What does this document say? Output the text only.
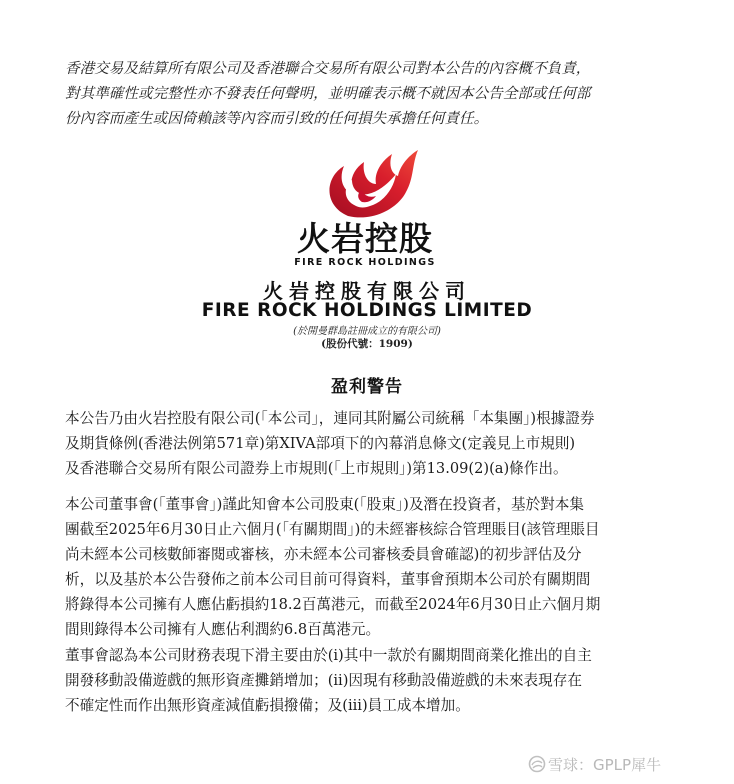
香港交易及結算所有限公司及香港聯合交易所有限公司對本公告的內容概不負責，
對其準確性或完整性亦不發表任何聲明，並明確表示概不就因本公告全部或任何部
份內容而產生或因倚賴該等內容而引致的任何損失承擔任何責任。
火岩控股
FIRE ROCK HOLDINGS
火岩控股有限公司
FIRE ROCK HOLDINGS LIMITED
(於開曼群島註冊成立的有限公司)
(股份代號：1909)
盈利警告
本公告乃由火岩控股有限公司(「本公司」，連同其附屬公司統稱「本集團」)根據證券
及期貨條例(香港法例第571章)第XIVA部項下的內幕消息條文(定義見上市規則)
及香港聯合交易所有限公司證券上市規則(「上市規則」)第13.09(2)(a)條作出。
本公司董事會(「董事會」)謹此知會本公司股東(「股東」)及潛在投資者，基於對本集
團截至2025年6月30日止六個月(「有關期間」)的未經審核綜合管理賬目(該管理賬目
尚未經本公司核數師審閱或審核，亦未經本公司審核委員會確認)的初步評估及分
析，以及基於本公告發佈之前本公司目前可得資料，董事會預期本公司於有關期間
將錄得本公司擁有人應佔虧損約18.2百萬港元，而截至2024年6月30日止六個月期
間則錄得本公司擁有人應佔利潤約6.8百萬港元。
董事會認為本公司財務表現下滑主要由於(i)其中一款於有關期間商業化推出的自主
開發移動設備遊戲的無形資產攤銷增加；(ii)因現有移動設備遊戲的未來表現存在
不確定性而作出無形資產減值虧損撥備；及(iii)員工成本增加。
雪球：GPLP犀牛
